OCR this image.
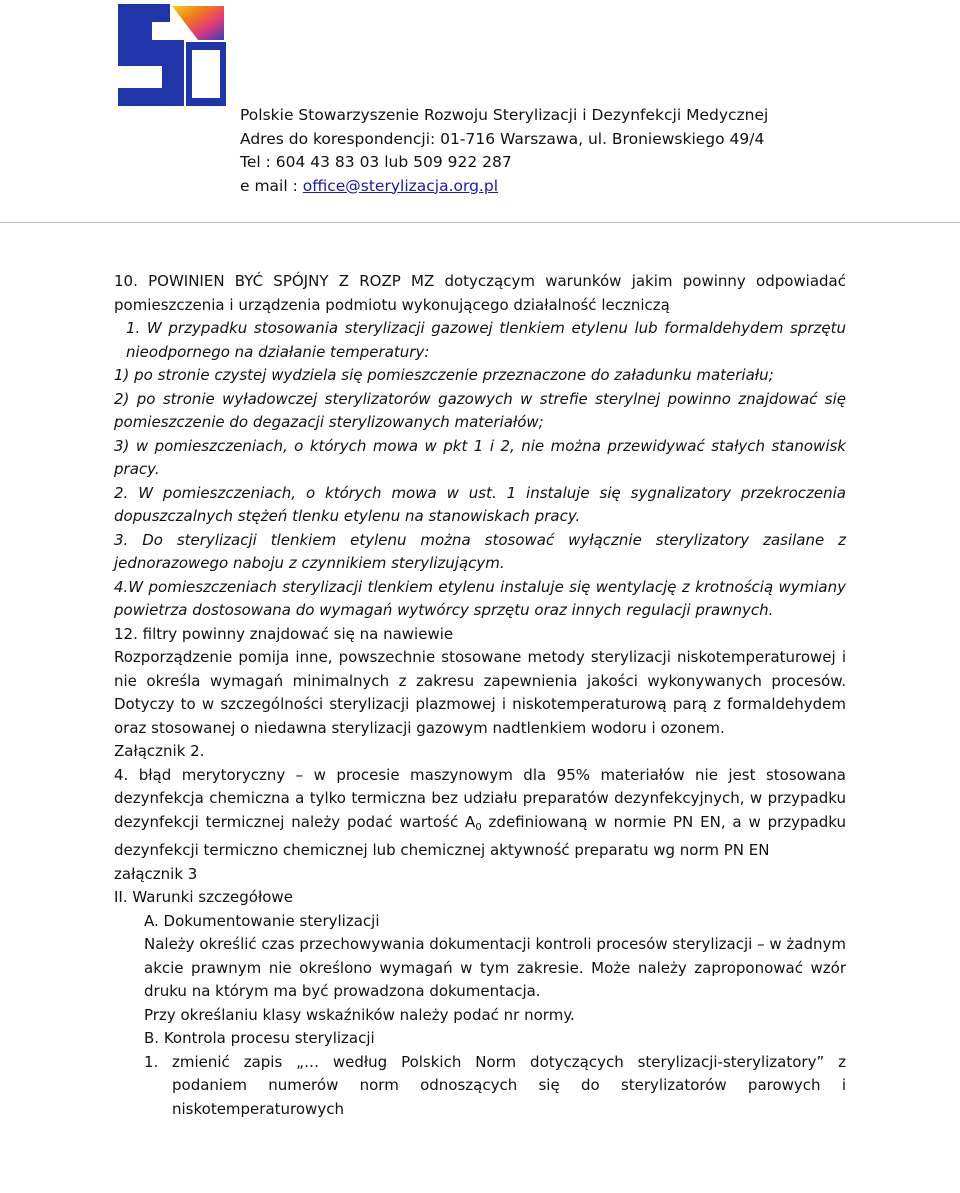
Polskie Stowarzyszenie Rozwoju Sterylizacji i Dezynfekcji Medycznej
Adres do korespondencji: 01-716 Warszawa, ul. Broniewskiego 49/4
Tel : 604 43 83 03 lub 509 922 287
e mail : office@sterylizacja.org.pl

10. POWINIEN BYĆ SPÓJNY Z ROZP MZ dotyczącym warunków jakim powinny odpowiadać pomieszczenia i urządzenia podmiotu wykonującego działalność leczniczą

1. W przypadku stosowania sterylizacji gazowej tlenkiem etylenu lub formaldehydem sprzętu nieodpornego na działanie temperatury:

1) po stronie czystej wydziela się pomieszczenie przeznaczone do załadunku materiału;

2) po stronie wyładowczej sterylizatorów gazowych w strefie sterylnej powinno znajdować się pomieszczenie do degazacji sterylizowanych materiałów;

3) w pomieszczeniach, o których mowa w pkt 1 i 2, nie można przewidywać stałych stanowisk pracy.

2. W pomieszczeniach, o których mowa w ust. 1 instaluje się sygnalizatory przekroczenia dopuszczalnych stężeń tlenku etylenu na stanowiskach pracy.

3. Do sterylizacji tlenkiem etylenu można stosować wyłącznie sterylizatory zasilane z jednorazowego naboju z czynnikiem sterylizującym.

4.W pomieszczeniach sterylizacji tlenkiem etylenu instaluje się wentylację z krotnością wymiany powietrza dostosowana do wymagań wytwórcy sprzętu oraz innych regulacji prawnych.

12. filtry powinny znajdować się na nawiewie

Rozporządzenie pomija inne, powszechnie stosowane metody sterylizacji niskotemperaturowej i nie określa wymagań minimalnych z zakresu zapewnienia jakości wykonywanych procesów. Dotyczy to w szczególności sterylizacji plazmowej i niskotemperaturową parą z formaldehydem oraz stosowanej o niedawna sterylizacji gazowym nadtlenkiem wodoru i ozonem.

Załącznik 2.

4. błąd merytoryczny – w procesie maszynowym dla 95% materiałów nie jest stosowana dezynfekcja chemiczna a tylko termiczna bez udziału preparatów dezynfekcyjnych, w przypadku dezynfekcji termicznej należy podać wartość $A_0$ zdefiniowaną w normie PN EN, a w przypadku dezynfekcji termiczno chemicznej lub chemicznej aktywność preparatu wg norm PN EN

załącznik 3

II. Warunki szczegółowe

A. Dokumentowanie sterylizacji

Należy określić czas przechowywania dokumentacji kontroli procesów sterylizacji – w żadnym akcie prawnym nie określono wymagań w tym zakresie. Może należy zaproponować wzór druku na którym ma być prowadzona dokumentacja.

Przy określaniu klasy wskaźników należy podać nr normy.

B. Kontrola procesu sterylizacji

1. zmienić zapis „… według Polskich Norm dotyczących sterylizacji-sterylizatory” z podaniem numerów norm odnoszących się do sterylizatorów parowych i niskotemperaturowych
